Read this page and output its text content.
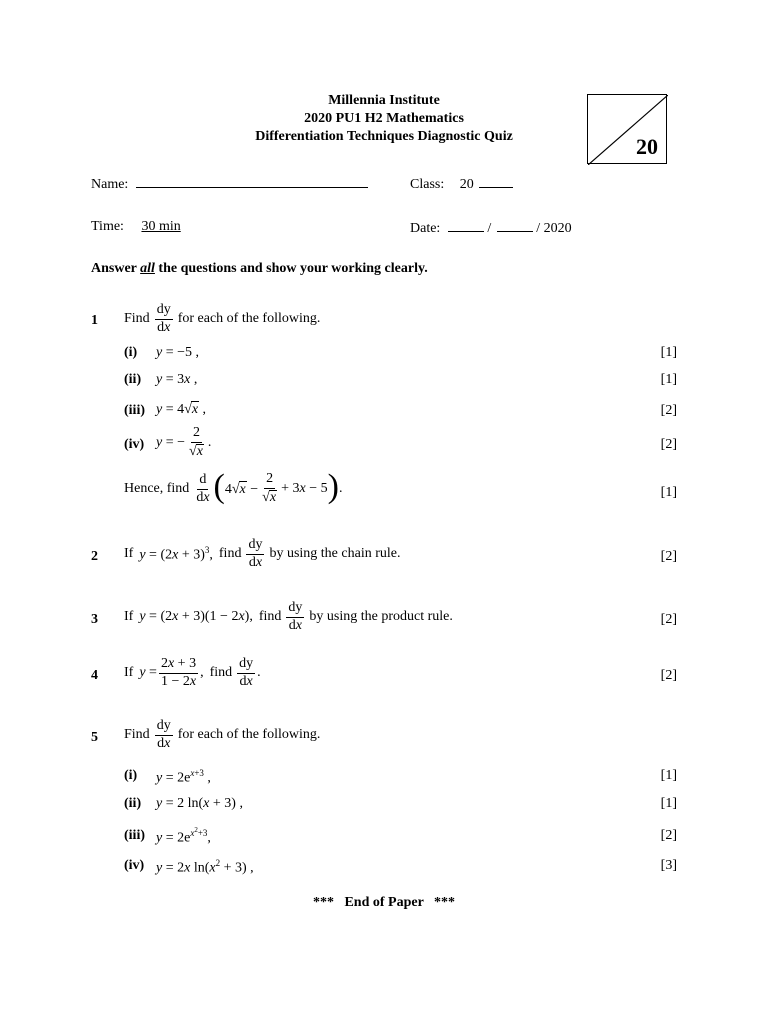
Millennia Institute
2020 PU1 H2 Mathematics
Differentiation Techniques Diagnostic Quiz	20
Name:	Class: 20
Time: 30 min	Date:	/	/ 2020
Answer all the questions and show your working clearly.
1 Find $\frac{dy}{dx}$ for each of the following.
(i) y = −5 ,	[1]
(ii) y = 3x ,	[1]
(iii) y = 4√x ,	[2]
(iv) y = − $\frac{2}{√x}$ .	[2]
Hence, find $\frac{d}{dx}$ ( $4√x - \frac{2}{√x} + 3x - 5$ ) .	[1]
2 If $y = (2x + 3)^3$, find $\frac{dy}{dx}$ by using the chain rule.	[2]
3 If y = (2x + 3)(1 − 2x), find $\frac{dy}{dx}$ by using the product rule.	[2]
4 If $y = \frac{2x + 3}{1 - 2x}$ , find $\frac{dy}{dx}$ .	[2]
5 Find $\frac{dy}{dx}$ for each of the following.
(i) $y = 2e^{x+3}$ ,	[1]
(ii) y = 2 ln(x + 3) ,	[1]
(iii) $y = 2e^{x^2+3}$,	[2]
(iv) y = 2x $\ln(x^2 + 3)$ ,	[3]
***   End of Paper   ***
